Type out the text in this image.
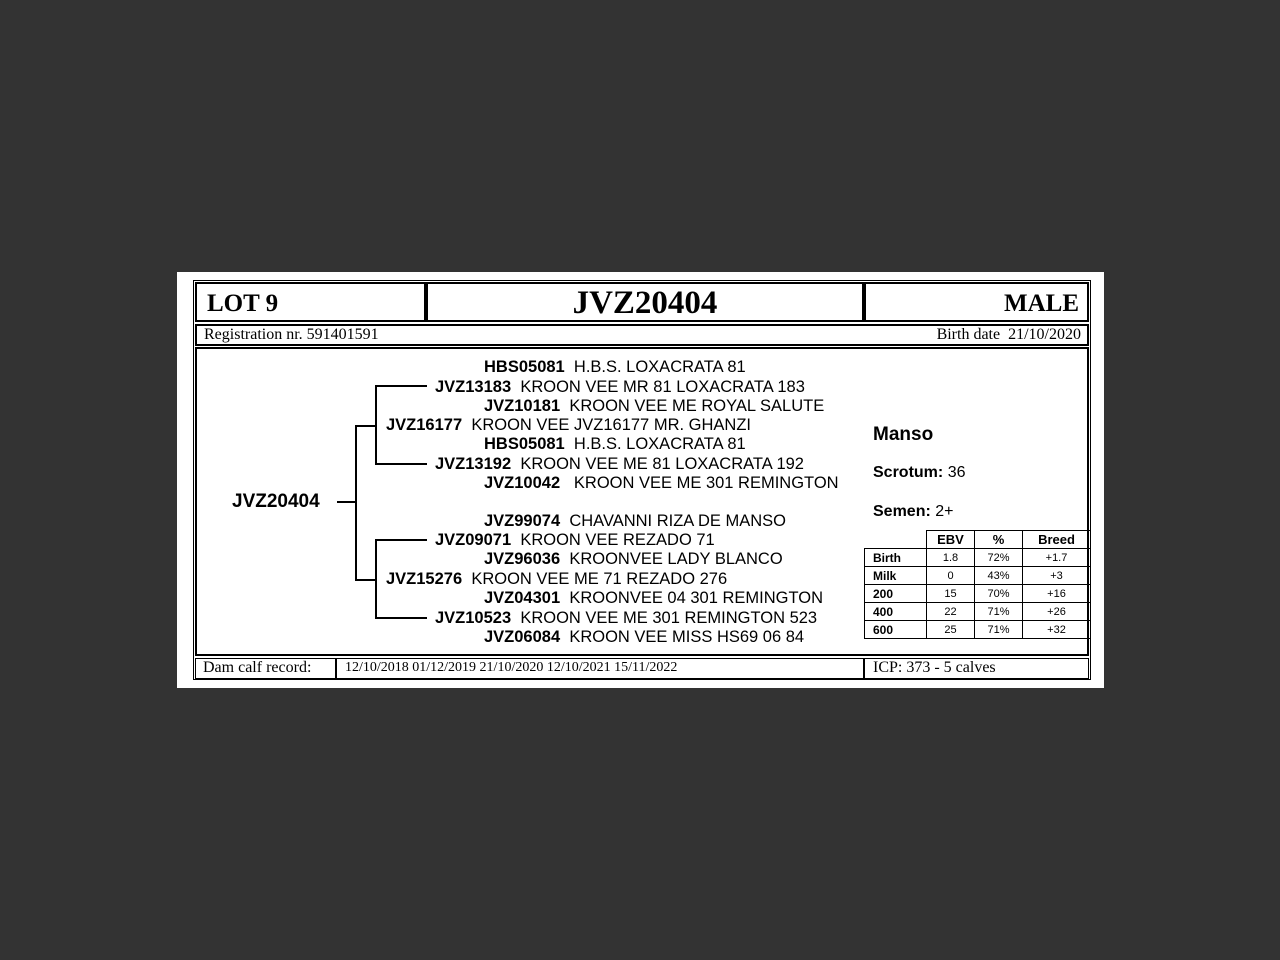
LOT 9	JVZ20404	MALE
Registration nr. 591401591	Birth date 21/10/2020
JVZ20404
HBS05081 H.B.S. LOXACRATA 81
JVZ13183 KROON VEE MR 81 LOXACRATA 183
JVZ10181 KROON VEE ME ROYAL SALUTE
JVZ16177 KROON VEE JVZ16177 MR. GHANZI
HBS05081 H.B.S. LOXACRATA 81
JVZ13192 KROON VEE ME 81 LOXACRATA 192
JVZ10042 KROON VEE ME 301 REMINGTON
JVZ99074 CHAVANNI RIZA DE MANSO
JVZ09071 KROON VEE REZADO 71
JVZ96036 KROONVEE LADY BLANCO
JVZ15276 KROON VEE ME 71 REZADO 276
JVZ04301 KROONVEE 04 301 REMINGTON
JVZ10523 KROON VEE ME 301 REMINGTON 523
JVZ06084 KROON VEE MISS HS69 06 84
Manso
Scrotum: 36
Semen: 2+
	EBV	%	Breed
Birth	1.8	72%	+1.7
Milk	0	43%	+3
200	15	70%	+16
400	22	71%	+26
600	25	71%	+32
Dam calf record: 12/10/2018 01/12/2019 21/10/2020 12/10/2021 15/11/2022	ICP: 373 - 5 calves
